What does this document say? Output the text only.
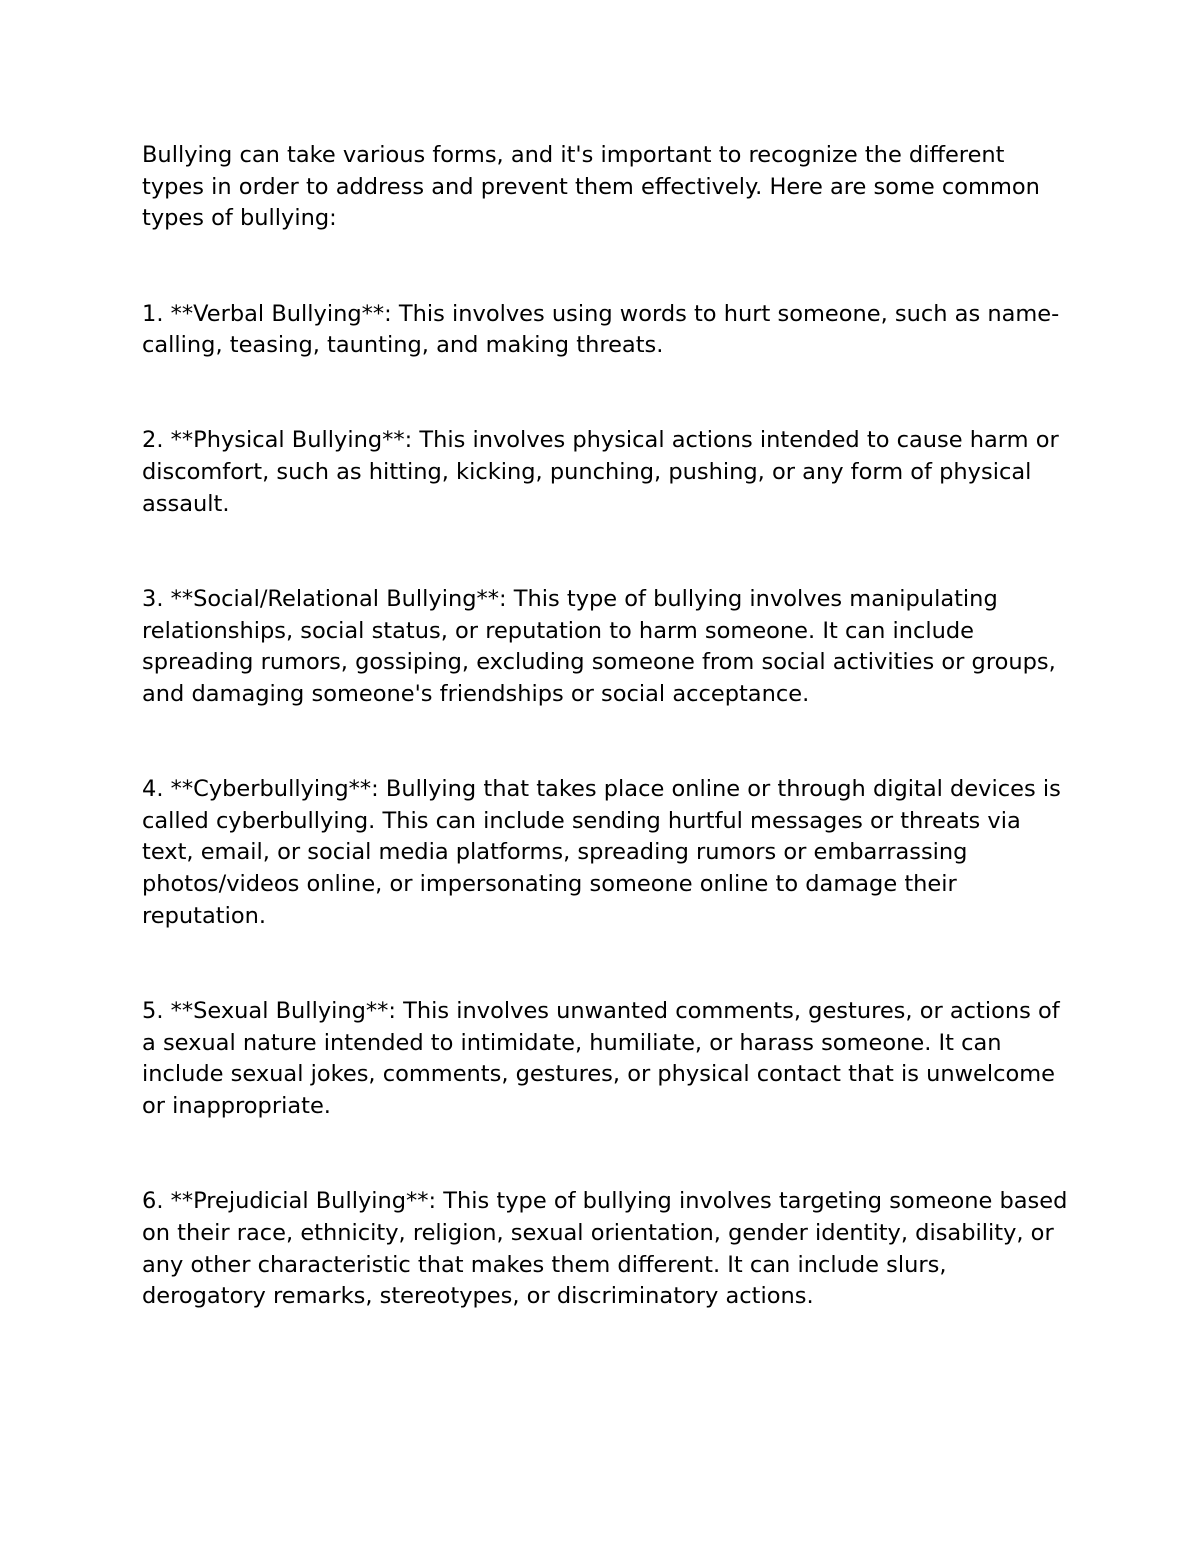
Bullying can take various forms, and it's important to recognize the different types in order to address and prevent them effectively. Here are some common types of bullying:

1. **Verbal Bullying**: This involves using words to hurt someone, such as name-calling, teasing, taunting, and making threats.

2. **Physical Bullying**: This involves physical actions intended to cause harm or discomfort, such as hitting, kicking, punching, pushing, or any form of physical assault.

3. **Social/Relational Bullying**: This type of bullying involves manipulating relationships, social status, or reputation to harm someone. It can include spreading rumors, gossiping, excluding someone from social activities or groups, and damaging someone's friendships or social acceptance.

4. **Cyberbullying**: Bullying that takes place online or through digital devices is called cyberbullying. This can include sending hurtful messages or threats via text, email, or social media platforms, spreading rumors or embarrassing photos/videos online, or impersonating someone online to damage their reputation.

5. **Sexual Bullying**: This involves unwanted comments, gestures, or actions of a sexual nature intended to intimidate, humiliate, or harass someone. It can include sexual jokes, comments, gestures, or physical contact that is unwelcome or inappropriate.

6. **Prejudicial Bullying**: This type of bullying involves targeting someone based on their race, ethnicity, religion, sexual orientation, gender identity, disability, or any other characteristic that makes them different. It can include slurs, derogatory remarks, stereotypes, or discriminatory actions.
